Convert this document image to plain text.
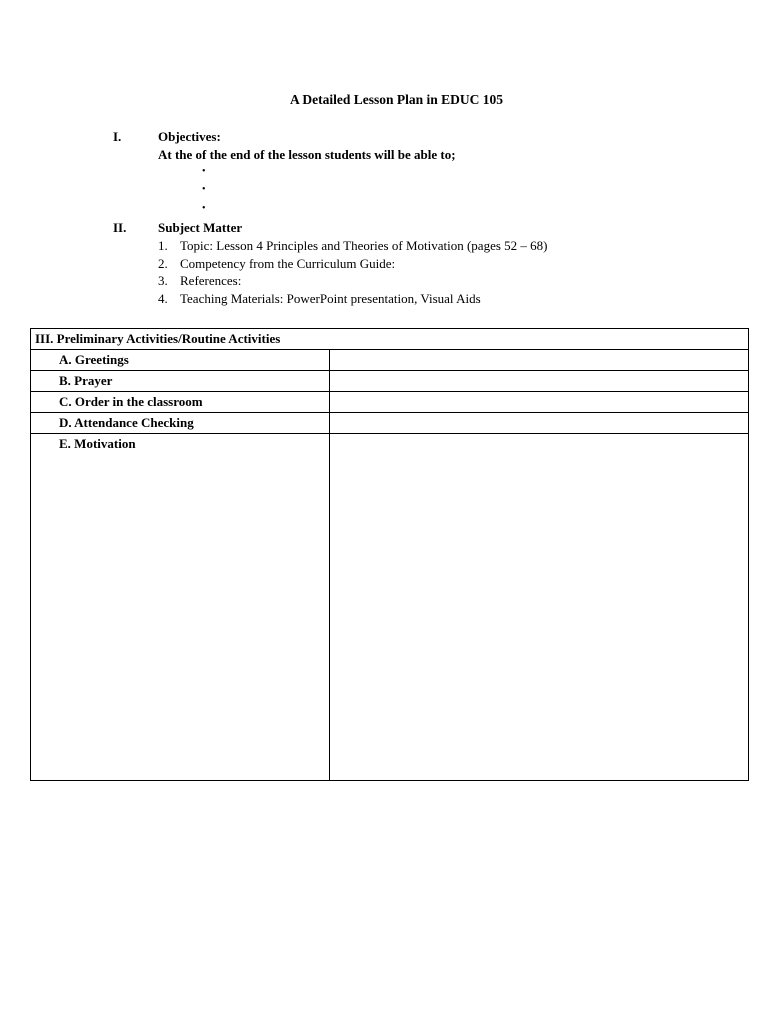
A Detailed Lesson Plan in EDUC 105
I.	Objectives:
At the of the end of the lesson students will be able to;
•
•
•
II. Subject Matter
1. Topic: Lesson 4 Principles and Theories of Motivation (pages 52 – 68)
2. Competency from the Curriculum Guide:
3. References:
4. Teaching Materials: PowerPoint presentation, Visual Aids
III. Preliminary Activities/Routine Activities	
A. Greetings	
B. Prayer	
C. Order in the classroom	
D. Attendance Checking	
E. Motivation	
